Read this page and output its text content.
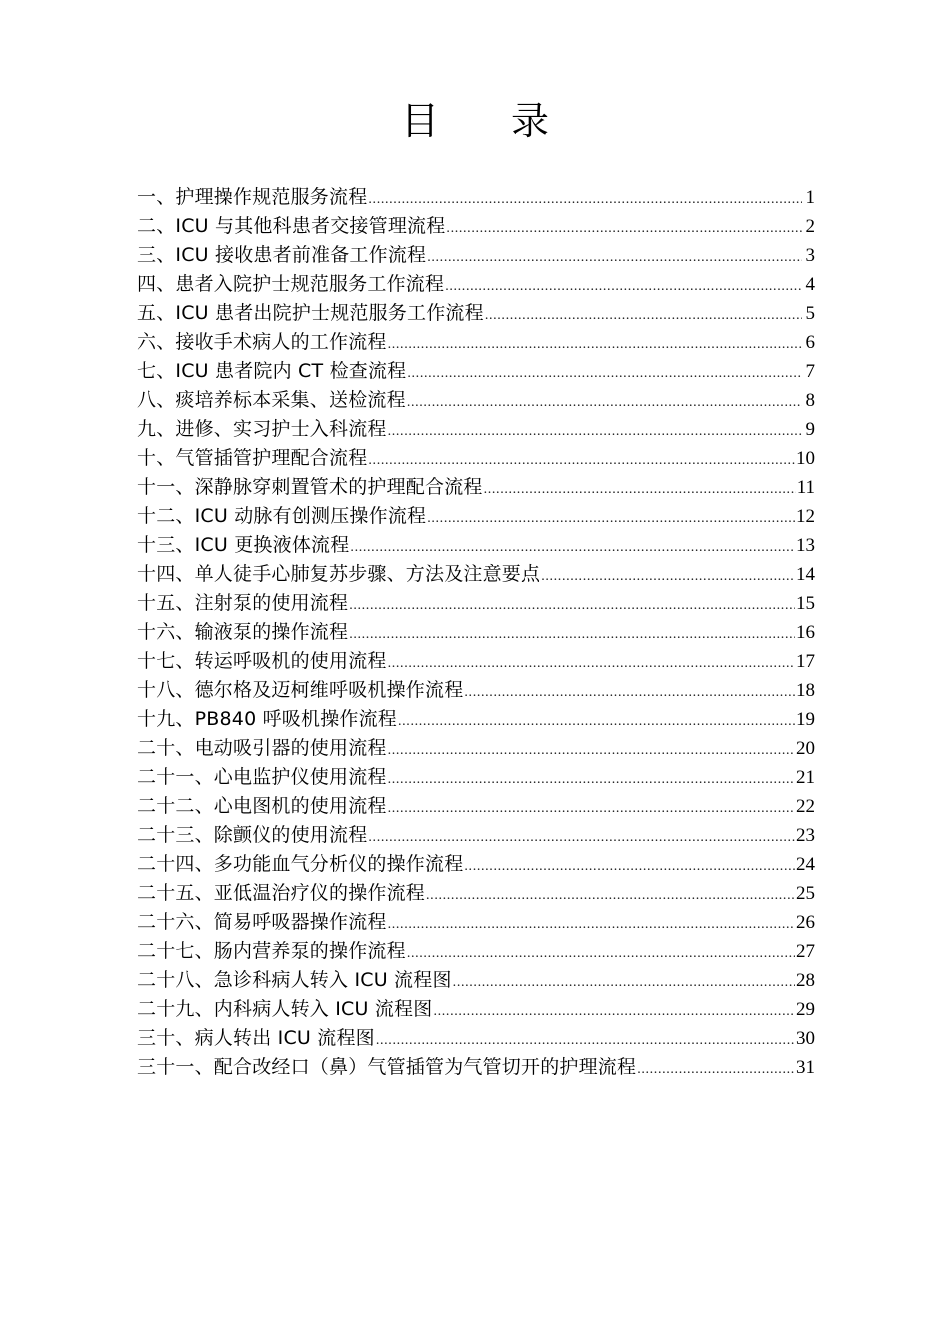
目 录
一、护理操作规范服务流程 .....	1
二、ICU 与其他科患者交接管理流程 .....	2
三、ICU 接收患者前准备工作流程 .....	3
四、患者入院护士规范服务工作流程 .....	4
五、ICU 患者出院护士规范服务工作流程 .....	5
六、接收手术病人的工作流程 .....	6
七、ICU 患者院内 CT 检查流程 .....	7
八、痰培养标本采集、送检流程 .....	8
九、进修、实习护士入科流程 .....	9
十、气管插管护理配合流程 .....	10
十一、深静脉穿刺置管术的护理配合流程 .....	11
十二、ICU 动脉有创测压操作流程 .....	12
十三、ICU 更换液体流程 .....	13
十四、单人徒手心肺复苏步骤、方法及注意要点 .....	14
十五、注射泵的使用流程 .....	15
十六、输液泵的操作流程 .....	16
十七、转运呼吸机的使用流程 .....	17
十八、德尔格及迈柯维呼吸机操作流程 .....	18
十九、PB840 呼吸机操作流程 .....	19
二十、电动吸引器的使用流程 .....	20
二十一、心电监护仪使用流程 .....	21
二十二、心电图机的使用流程 .....	22
二十三、除颤仪的使用流程 .....	23
二十四、多功能血气分析仪的操作流程 .....	24
二十五、亚低温治疗仪的操作流程 .....	25
二十六、简易呼吸器操作流程 .....	26
二十七、肠内营养泵的操作流程 .....	27
二十八、急诊科病人转入 ICU 流程图 .....	28
二十九、内科病人转入 ICU 流程图 .....	29
三十、病人转出 ICU 流程图 .....	30
三十一、配合改经口（鼻）气管插管为气管切开的护理流程 .....	31
